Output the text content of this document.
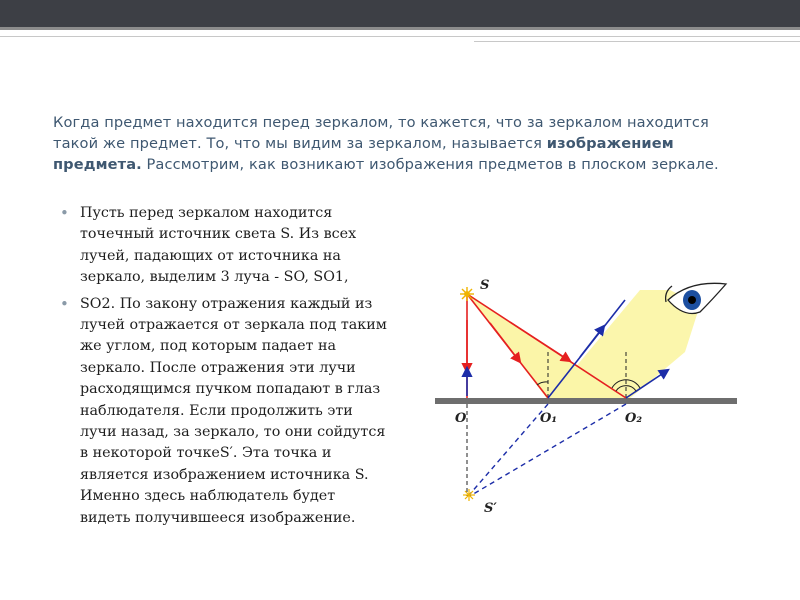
Когда предмет находится перед зеркалом, то кажется, что за зеркалом находится такой же предмет. То, что мы видим за зеркалом, называется изображением предмета. Рассмотрим, как возникают изображения предметов в плоском зеркале.

• Пусть перед зеркалом находится точечный источник света S. Из всех лучей, падающих от источника на зеркало, выделим 3 луча - SO, SO1,
• SO2. По закону отражения каждый из лучей отражается от зеркала под таким же углом, под которым падает на зеркало. После отражения эти лучи расходящимся пучком попадают в глаз наблюдателя. Если продолжить эти лучи назад, за зеркало, то они сойдутся в некоторой точкеS′. Эта точка и является изображением источника S. Именно здесь наблюдатель будет видеть получившееся изображение.
S
O	O₁	O₂
S′
